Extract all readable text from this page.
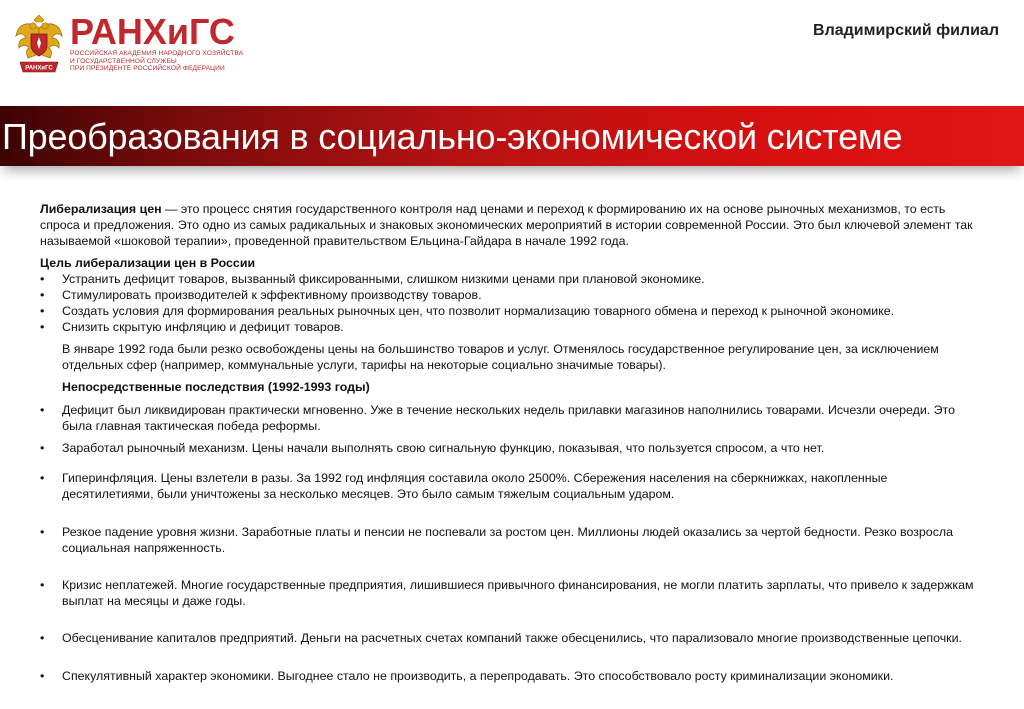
РАНХиГС
РАНХиГС
РОССИЙСКАЯ АКАДЕМИЯ НАРОДНОГО ХОЗЯЙСТВА
И ГОСУДАРСТВЕННОЙ СЛУЖБЫ
ПРИ ПРЕЗИДЕНТЕ РОССИЙСКОЙ ФЕДЕРАЦИИ
Владимирский филиал
Преобразования в социально-экономической системе

Либерализация цен — это процесс снятия государственного контроля над ценами и переход к формированию их на основе рыночных механизмов, то есть спроса и предложения. Это одно из самых радикальных и знаковых экономических мероприятий в истории современной России. Это был ключевой элемент так называемой «шоковой терапии», проведенной правительством Ельцина-Гайдара в начале 1992 года.

Цель либерализации цен в России

• Устранить дефицит товаров, вызванный фиксированными, слишком низкими ценами при плановой экономике.
• Стимулировать производителей к эффективному производству товаров.
• Создать условия для формирования реальных рыночных цен, что позволит нормализацию товарного обмена и переход к рыночной экономике.
• Снизить скрытую инфляцию и дефицит товаров.

В январе 1992 года были резко освобождены цены на большинство товаров и услуг. Отменялось государственное регулирование цен, за исключением отдельных сфер (например, коммунальные услуги, тарифы на некоторые социально значимые товары).

Непосредственные последствия (1992-1993 годы)

• Дефицит был ликвидирован практически мгновенно. Уже в течение нескольких недель прилавки магазинов наполнились товарами. Исчезли очереди. Это была главная тактическая победа реформы.
• Заработал рыночный механизм. Цены начали выполнять свою сигнальную функцию, показывая, что пользуется спросом, а что нет.
• Гиперинфляция. Цены взлетели в разы. За 1992 год инфляция составила около 2500%. Сбережения населения на сберкнижках, накопленные десятилетиями, были уничтожены за несколько месяцев. Это было самым тяжелым социальным ударом.
• Резкое падение уровня жизни. Заработные платы и пенсии не поспевали за ростом цен. Миллионы людей оказались за чертой бедности. Резко возросла социальная напряженность.
• Кризис неплатежей. Многие государственные предприятия, лишившиеся привычного финансирования, не могли платить зарплаты, что привело к задержкам выплат на месяцы и даже годы.
• Обесценивание капиталов предприятий. Деньги на расчетных счетах компаний также обесценились, что парализовало многие производственные цепочки.
• Спекулятивный характер экономики. Выгоднее стало не производить, а перепродавать. Это способствовало росту криминализации экономики.
